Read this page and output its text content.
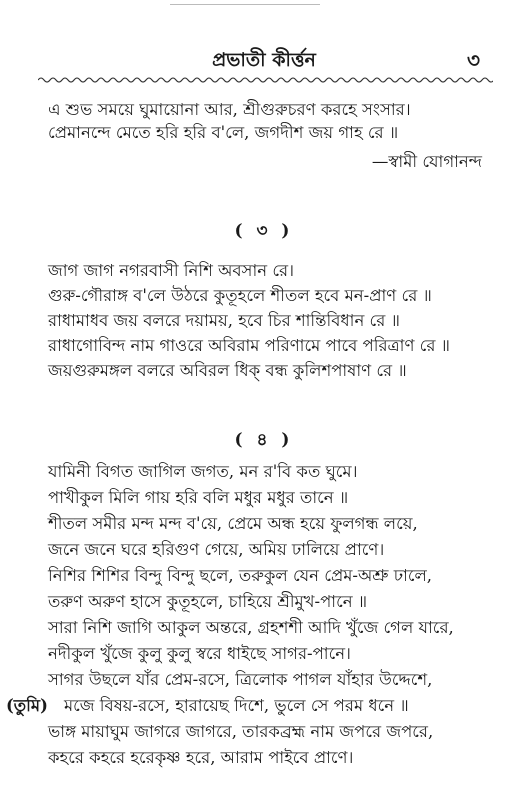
প্রভাতী কীর্ত্তন	৩
এ শুভ সময়ে ঘুমায়োনা আর, শ্রীগুরুচরণ করহে সংসার।
প্রেমানন্দে মেতে হরি হরি ব'লে, জগদীশ জয় গাহ রে ॥
—স্বামী যোগানন্দ
( ৩ )
জাগ জাগ নগরবাসী নিশি অবসান রে।
গুরু-গৌরাঙ্গ ব'লে উঠরে কুতূহলে শীতল হবে মন-প্রাণ রে ॥
রাধামাধব জয় বলরে দয়াময়, হবে চির শান্তিবিধান রে ॥
রাধাগোবিন্দ নাম গাওরে অবিরাম পরিণামে পাবে পরিত্রাণ রে ॥
জয়গুরুমঙ্গল বলরে অবিরল ধিক্ বন্ধ কুলিশপাষাণ রে ॥
( ৪ )
যামিনী বিগত জাগিল জগত, মন র'বি কত ঘুমে।
পাখীকুল মিলি গায় হরি বলি মধুর মধুর তানে ॥
শীতল সমীর মন্দ মন্দ ব'য়ে, প্রেমে অন্ধ হয়ে ফুলগন্ধ লয়ে,
জনে জনে ঘরে হরিগুণ গেয়ে, অমিয় ঢালিয়ে প্রাণে।
নিশির শিশির বিন্দু বিন্দু ছলে, তরুকুল যেন প্রেম-অশ্রু ঢালে,
তরুণ অরুণ হাসে কুতূহলে, চাহিয়ে শ্রীমুখ-পানে ॥
সারা নিশি জাগি আকুল অন্তরে, গ্রহশশী আদি খুঁজে গেল যারে,
নদীকুল খুঁজে কুলু কুলু স্বরে ধাইছে সাগর-পানে।
সাগর উছলে যাঁর প্রেম-রসে, ত্রিলোক পাগল যাঁহার উদ্দেশে,
(তুমি) মজে বিষয়-রসে, হারায়েছ দিশে, ভুলে সে পরম ধনে ॥
ভাঙ্গ মায়াঘুম জাগরে জাগরে, তারকব্রহ্ম নাম জপরে জপরে,
কহরে কহরে হরেকৃষ্ণ হরে, আরাম পাইবে প্রাণে।
